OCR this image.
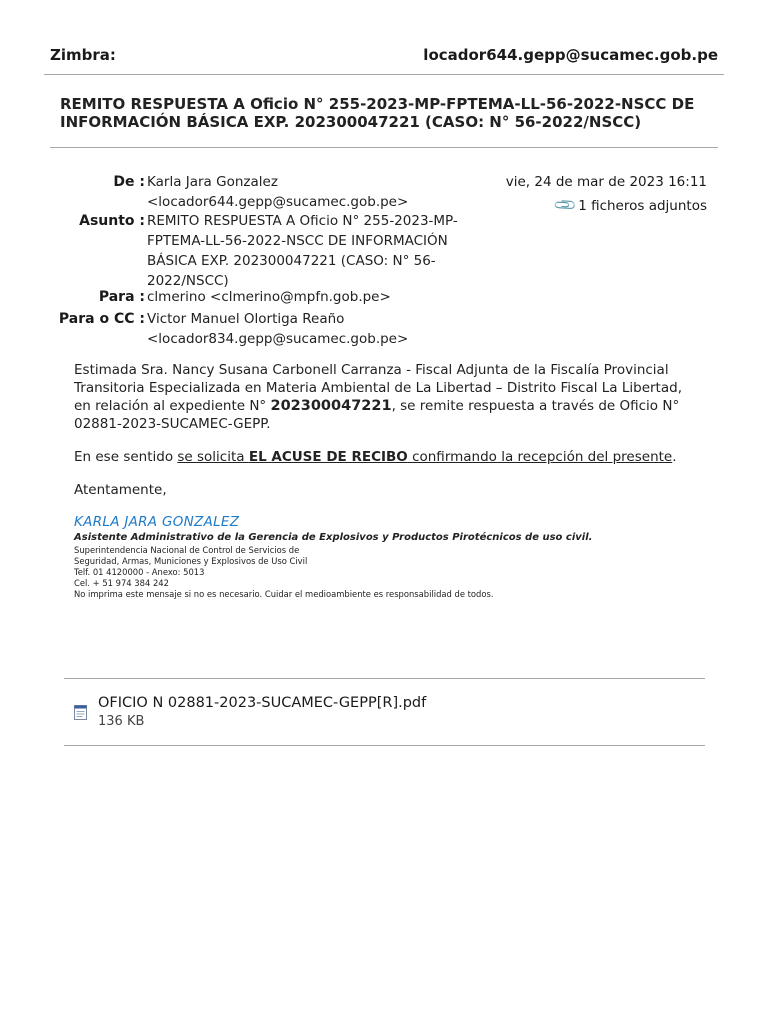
Zimbra:	locador644.gepp@sucamec.gob.pe
REMITO RESPUESTA A Oficio N° 255-2023-MP-FPTEMA-LL-56-2022-NSCC DE INFORMACIÓN BÁSICA EXP. 202300047221 (CASO: N° 56-2022/NSCC)
De : Karla Jara Gonzalez
<locador644.gepp@sucamec.gob.pe>
Asunto : REMITO RESPUESTA A Oficio N° 255-2023-MP-
FPTEMA-LL-56-2022-NSCC DE INFORMACIÓN
BÁSICA EXP. 202300047221 (CASO: N° 56-
2022/NSCC)
Para : clmerino <clmerino@mpfn.gob.pe>
Para o CC : Victor Manuel Olortiga Reaño
<locador834.gepp@sucamec.gob.pe>
vie, 24 de mar de 2023 16:11
📎1 ficheros adjuntos

Estimada Sra. Nancy Susana Carbonell Carranza - Fiscal Adjunta de la Fiscalía Provincial

Transitoria Especializada en Materia Ambiental de La Libertad – Distrito Fiscal La Libertad,

en relación al expediente N° 202300047221, se remite respuesta a través de Oficio N°

02881-2023-SUCAMEC-GEPP.

En ese sentido se solicita EL ACUSE DE RECIBO confirmando la recepción del presente.

Atentamente,
KARLA JARA GONZALEZ
Asistente Administrativo de la Gerencia de Explosivos y Productos Pirotécnicos de uso civil.
Superintendencia Nacional de Control de Servicios de
Seguridad, Armas, Municiones y Explosivos de Uso Civil
Telf. 01 4120000 - Anexo: 5013
Cel. + 51 974 384 242
No imprima este mensaje si no es necesario. Cuidar el medioambiente es responsabilidad de todos.
OFICIO N 02881-2023-SUCAMEC-GEPP[R].pdf
136 KB
